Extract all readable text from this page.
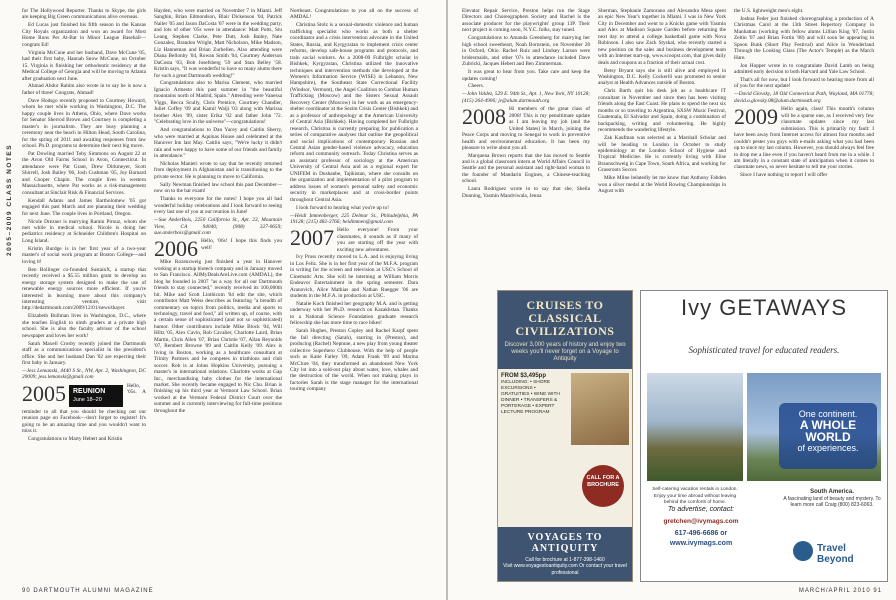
2005–2009 CLASS NOTES

for The Hollywood Reporter. Thanks to Skype, the girls are keeping Big Green communications alive overseas.

Ed Lucas just finished his fifth season in the Kansas City Royals organization and won an award for Most Home Runs Per At-Bat in Minor League Baseball—congrats Ed!

Virginia McCune and her husband, Dave McCune '05, had their first baby, Hannah Snow McCune, on October 15. Virginia is finishing her orthodontic residency at the Medical College of Georgia and will be moving to Atlanta after graduation next June.

Ahmad Abdur Rahim also wrote in to say he is now a father of three! Congrats, Ahmad!

Dave Hodsgo recently proposed to Courtney Howard, whom he met while working in Washington, D.C. The happy couple lives in Athens, Ohio, where Dave works for Senator Sherrod Brown and Courtney is completing a master's in journalism. They are busy planning a ceremony near the beach in Hilton Head, South Carolina, for the spring of 2011 and awaiting responses from law school. Ph.D. programs to determine their next big move.

Pat Dowling married Toby Simmons on August 22 at the Avon Old Farms School in Avon, Connecticut. In attendance were Pat Grant, Drew Dirkmeyer, Scott Shirrell, Josh Bailey '06, Josh Cushman '05, Joy Barnard and Cooper Chapin. The couple lives in western Massachusetts, where Pat works as a risk-management consultant at Sinclair Risk & Financial Services.

Kendall Adams and James Bartholomew '05 got engaged this past March and are planning their wedding for next June. The couple lives in Portland, Oregon.

Nicole Drezner is marrying Ramin Pirouz, whom she met while in medical school. Nicole is doing her pediatrics residency at Schneider Children's Hospital on Long Island.

Kristin Burdge is in her first year of a two-year master's of social work program at Boston College—and loving it!

Ben Bollinger co-founded SustainX, a startup that recently received a $5.55 million grant to develop an energy storage system designed to make the use of renewable energy sources more efficient. If you're interested in learning more about this company's interesting venture, visit http://dedartmouth.com/2009/12/01/news/thayer.

Elizabeth Bullman lives in Washington, D.C., where she teaches English to ninth graders at a private high school. She is also the faculty advisor of the school newspaper and loves her work!

Sarah Maxell Crosby recently joined the Dartmouth staff as a communications specialist in the president's office. She and her husband Dan '02 are expecting their first baby in January.

—Jess Lemanski, 4440 S St., NW, Apt. 2, Washington, DC 20009; jess.lemanski@gmail.com

2005	REUNION
June 18–20
Hello, '05s. A reminder to all that you should be checking out our reunion page on Facebook—don't forget to register! It's going to be an amazing time and you wouldn't want to miss it.

Congratulations to Marty Hebert and Kristin

Hayden, who were married on November 7 in Miami. Jeff Sangbin, Brian Edmondson, Blair Dickenson '04, Patrick Nailer '05 and Jason DaCosta '07 were in the wedding party, and lots of other '05s were in attendance: Matt Potts, Stu Leang, Stephen Clarke, Pete Dutt, Josh Bailey, Nate Gonzalez, Brandon Wright, Matt Nicholson, Mike Madson, Liz Hanneman and Brian Zurhellen. Also attending were Diana Bellonby '04, Rowan Smith '04, Courtney Anderson DaCosta '03, Bob Josefsberg '59 and Stan Belley '58. Kristin says, "It was wonderful to have so many alums there for such a great Dartmouth wedding!"

Congratulations also to Marisa Clement, who married Ignacio Armesto this past summer in "the beautiful mountains north of Madrid, Spain." Attending were Vanessa Viggs, Becca Scully, Chris Prentice, Courtney Chandler, Juliet Coffey '09 and Kamil Walji '03 along with Marissa brother Alex '09, sister Erika '02 and father John '72. "Celebrating love in the universe"—congratulations!

And congratulations to Dan Yacey and Caitlin Sherry, who were married at Aquinas House and celebrated at the Hanover Inn last May. Caitlin says, "We're lucky it didn't rain and were happy to have some of our friends and family in attendance."

Nicholas Manieri wrote to say that he recently returned from deployment in Afghanistan and is transitioning to the private sector. He is planning to move to California.

Sally Newman finished law school this past December—now on to the bar exam!

Thanks to everyone for the notes! I hope you all had wonderful holiday celebrations and I look forward to seeing every last one of you at our reunion in June!

—Sue AnderBois, 2250 California St., Apt. 23, Mountain View, CA 94040; (908) 327-0659; sue.anderbois@gmail.com

2006 Hello, '06s! I hope this finds you well!

Mike Rozenzweig just finished a year in Hanover working at a startup biotech company and in January moved to San Francisco. AllMyDealsAreLive.com (AMDAL), the blog he founded in 2007 "as a way for all our Dartmouth friends to stay connected," recently received its 100,000th hit. Mike and Scott Linthicum '04 edit the site, which contributor Matt Weiss describes as featuring "a breadth of commentary on topics from politics, media and sports to technology, travel and food," all written up, of course, with a certain sense of sophisticated (and not so sophisticated) humor. Other contributors include Mike Block '04, Will Hiltz '05, Alex Cavin, Rob Cavalier, Charlotte Laird, Brian Martin, Chris Allen '07, Brian Christie '07, Allan Reynolds '07, Rembert Browne '09 and Caitlin Kelly '09. Alex is living in Boston, working as a healthcare consultant at Trinity Partners and he competes in triathlons and club soccer. Rob is at Johns Hopkins University, pursuing a master's in international relations. Charlotte works at Gap Inc., merchandising baby clothes for the international market. She recently became engaged to Nic Chu. Brian is finishing up his third year at Vermont Law School. Brian worked at the Vermont Federal District Court over the summer and is currently interviewing for full-time positions throughout the

Northeast. Congratulations to you all on the success of AMDAL!

Christina Stolz is a sexual-domestic violence and human trafficking specialist who works as both a shelter coordinator and a crisis intervention advocate in the United States, Russia, and Kyrgyzstan to implement crisis center reforms, develop safe-house programs and protocols, and train social workers. As a 2008-09 Fulbright scholar in Bishkek, Kyrgyzstan, Christina utilized the innovative techniques and intervention methods she developed at the Women's Information Service (WISE) in Lebanon, New Hampshire), the Southeast State Correctional Facility (Windsor, Vermont), the Angel Coalition to Combat Human Trafficking (Moscow) and the Sisters Sexual Assault Recovery Center (Moscow) in her work as an emergency-shelter coordinator at the Sezim Crisis Center (Bishkek) and as a professor of anthropology at the American University of Central Asia (Bishkek). Having completed her Fulbright research, Christina is currently preparing for publication a series of comparative analyses that outline the geopolitical and social implications of contemporary Russian and Central Asian gender-based violence advocacy, education reform and community outreach. Today Christina serves as an assistant professor of sociology at the American University of Central Asia and as a regional expert for UNIFEM in Dushanbe, Tajikistan, where she consults on the organization and implementation of a pilot program to address issues of women's personal safety and economic security in marketplaces and at cross-border points throughout Central Asia.

I look forward to hearing what you're up to!

—Heidi Immenberger, 225 Delmar St., Philadelphia, PA 19128; (215) 482-3766; heidimmen@gmail.com

2007 Hello everyone! From your classmates, it sounds as if many of you are starting off the year with exciting new adventures.

Ivy Pruss recently moved to L.A. and is enjoying living in Los Feliz. She is in her first year of the M.F.A. program in writing for the screen and television at USC's School of Cinematic Arts. She will be interning at William Morris Endeavor Entertainment in the spring semester. Dara Aranovich, Alice Mathias and Nathan Ruegger '06 are students in the M.F.A. in production at USC.

Natalie Koch finished her geography M.A. and is getting underway with her Ph.D. research on Kazakhstan. Thanks to a National Science Foundation graduate research fellowship she has more time to race bikes!

Sarah Hughes, Preston Copley and Rachel Karpf spent the fall directing (Sarah), starring in (Preston), and producing (Rachel) Neptune, a new play from young theater collective Superhero Clubhouse. With the help of people such as Katie Farley '09, Adam Frank '09 and Marina McClure '04, they transformed an abandoned New York City lot into a sold-out play about water, love, whales and the destruction of the world. When not making plays in factories Sarah is the stage manager for the international touring company

90 DARTMOUTH ALUMNI MAGAZINE

Elevator Repair Service, Preston helps run the Stage Directors and Choreographers Society and Rachel is the associate producer for the playwrights' group 13P. Their next project is coming soon, N.Y.C. folks, stay tuned.

Congratulations to Amanda Greenberg for marrying her high school sweetheart, Noah Bornstein, on November 28 in Oxford, Ohio. Rachel Ruiz and Lindsey Larson were bridesmaids, and other '07s in attendance included Dave Zubricki, Jacques Hebert and Ben Zimmerman.

It was great to hear from you. Take care and keep the updates coming!

Cheers.

—John Valdez, 529 E. 94th St., Apt. 1, New York, NY 10128; (415) 264-4906; jv@alum.dartmouth.org

2008 Hi members of the great class of 2008! This is my penultimate update as I am leaving my job (and the United States) in March, joining the Peace Corps and moving to Senegal to work in preventive health and environmental education. It has been my pleasure to write about you all.

Marquena Brown reports that she has moved to Seattle and is a global classroom intern at World Affairs Council in Seattle and the personal assistant and right-hand woman to the founder of Mandarin Engines, a Chinese-teaching school.

Laura Rodriguez wrote in to say that she, Sheila Dunning, Yasmin Mandviwala, Jenna

Sherman, Stephanie Zamorano and Alexandra Mesa spent an epic New Year's together in Miami. I was in New York City in December and went to a Knicks game with Yasmin and Alex at Madison Square Garden before returning the next day to attend a college basketball game with Nova Robinson. I also saw Zack Styskal, who recently started a new position on the sales and business development team with an Internet start-up, www.scoopst.com, that gives daily deals and coupons at a fraction of their actual cost.

Betsy Bryant says she is still alive and employed in Washington, D.C. Kelly Cockerill was promoted to senior analyst at Health Advances outside of Boston.

Chris Barth quit his desk job as a healthcare IT consultant in November and since then has been visiting friends along the East Coast. He plans to spend the next six months or so traveling to Argentina, SXSW Music Festival, Guatemala, El Salvador and Spain, doing a combination of backpacking, writing and volunteering. He highly recommends the wandering lifestyle.

Zak Kaufman was selected as a Marshall Scholar and will be heading to London in October to study epidemiology at the London School of Hygiene and Tropical Medicine. He is currently living with Elise Braunschweig in Cape Town, South Africa, and working for Grassroots Soccer.

Mike Milne belatedly let me know that Anthony Fahden won a silver medal at the World Rowing Championships in August with

the U.S. lightweight men's eight.

Joshua Feder just finished choreographing a production of A Christmas Carol at the 13th Street Repertory Company in Manhattan (working with fellow alums Lillian King '07, Justin Zeltin '07 and Brian Fortin '08) and will soon be appearing in Spoon Bunk (Short Play Festival) and Alice in Wonderland Through the Looking Glass (The Actor's Temple) as the March Hare.

Jon Hopper wrote in to congratulate David Lamb on being admitted early decision to both Harvard and Yale Law School.

That's all for now, but I look forward to hearing more from all of you for the next update!

—David Glovsky, 18 Old Connecticut Path, Wayland, MA 01778; david.a.glovsky.08@alum.dartmouth.org

2009 Hello again, class! This month's column will be a sparse one, as I received very few classmate updates since my last submission. This is primarily my fault: I have been away from Internet access for almost four months and couldn't pester you guys with e-mails asking what you had been up to since my last column. However, you should always feel free to drop me a line even if you haven't heard from me in a while. I am literally in a constant state of anticipation when it comes to classmate news, so never hesitate to tell me your stories.

Since I have nothing to report I will offer

MARCH/APRIL 2010 91
CRUISES TO CLASSICAL CIVILIZATIONS
Discover 3,000 years of history and enjoy two weeks you'll never forget on a Voyage to Antiquity
FROM $3,495pp
INCLUDING: • SHORE EXCURSIONS • GRATUITIES • WINE WITH DINNER • TRANSFERS & PORTERAGE • EXPERT LECTURE PROGRAM
CALL FOR A BROCHURE
VOYAGES TO ANTIQUITY
Call for brochure at 1-877-398-1460
Visit www.voyagestoantiquity.com Or contact your travel professional
Ivy GETAWAYS
Sophisticated travel for educated readers.
One continent.
A WHOLE WORLD
of experiences.
Self-catering vacation rentals in London. Enjoy your time abroad without leaving behind the comforts of home.
To advertise, contact:
gretchen@ivymags.com
617-496-6686 or www.ivymags.com
South America.
A fascinating land of beauty and mystery. To learn more call Craig (800) 823-6063.
Travel Beyond
